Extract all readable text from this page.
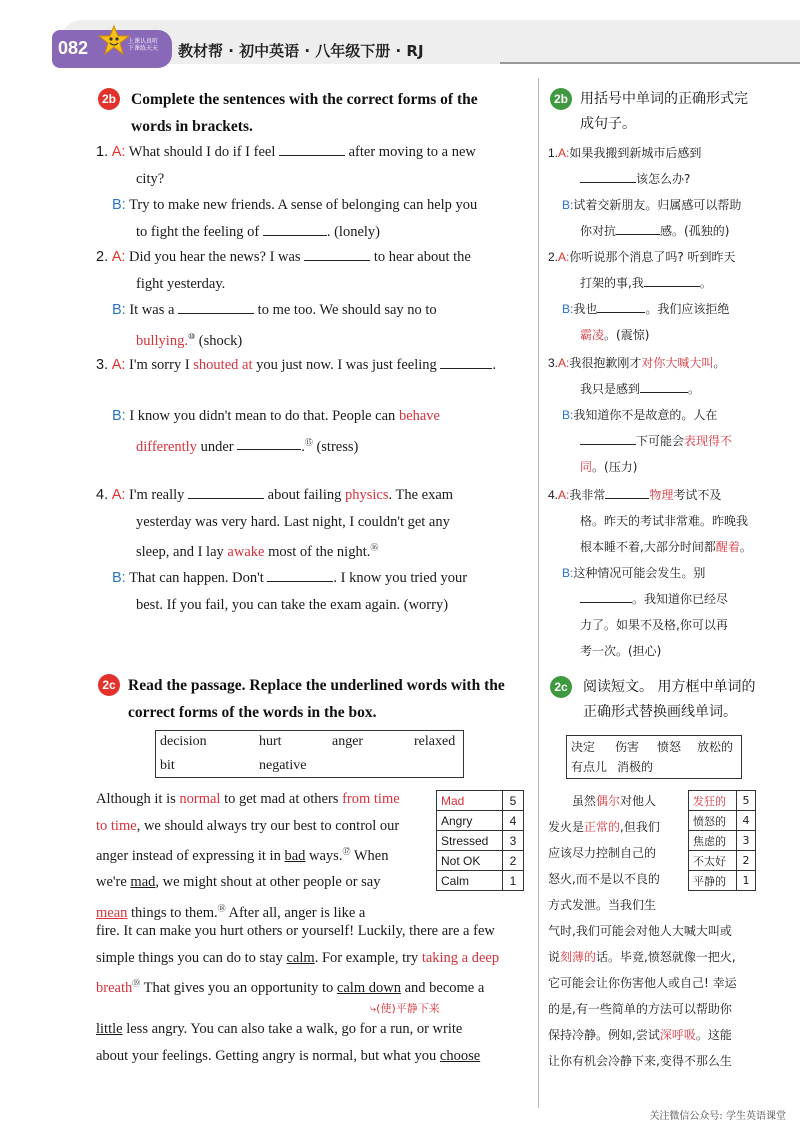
082	上课认真听
下课练天天	教材帮 · 初中英语 · 八年级下册 · RJ
2b Complete the sentences with the correct forms of the
words in brackets.
1. A: What should I do if I feel	after moving to a new
city?
B: Try to make new friends. A sense of belonging can help you
to fight the feeling of	. (lonely)
2. A: Did you hear the news? I was	to hear about the
fight yesterday.
B: It was a	to me too. We should say no to
bullying.⑩ (shock)
3. A: I'm sorry I shouted at you just now. I was just feeling	.
B: I know you didn't mean to do that. People can behave
differently under	.⑮ (stress)
4. A: I'm really	about failing physics. The exam
yesterday was very hard. Last night, I couldn't get any
sleep, and I lay awake most of the night.⑯
B: That can happen. Don't	. I know you tried your
best. If you fail, you can take the exam again. (worry)
2b 用括号中单词的正确形式完
成句子。
1.A:如果我搬到新城市后感到
该怎么办?
B:试着交新朋友。归属感可以帮助
你对抗	感。(孤独的)
2.A:你听说那个消息了吗? 听到昨天
打架的事,我	。
B:我也	。我们应该拒绝
霸凌。(震惊)
3.A:我很抱歉刚才对你大喊大叫。
我只是感到	。
B:我知道你不是故意的。人在
下可能会表现得不
同。(压力)
4.A:我非常	物理考试不及
格。昨天的考试非常难。昨晚我
根本睡不着,大部分时间都醒着。
B:这种情况可能会发生。别
。我知道你已经尽
力了。如果不及格,你可以再
考一次。(担心)
2c Read the passage. Replace the underlined words with the
correct forms of the words in the box.
decision	hurt	anger	relaxed
bit	negative
Mad	5
Angry	4
Stressed	3
Not OK	2
Calm	1
Although it is normal to get mad at others from time
to time, we should always try our best to control our
anger instead of expressing it in bad ways.⑰ When
we're mad, we might shout at other people or say
mean things to them.⑱ After all, anger is like a
fire. It can make you hurt others or yourself! Luckily, there are a few
simple things you can do to stay calm. For example, try taking a deep
breath⑲ That gives you an opportunity to calm down and become a
⤷(使)平静下来
little less angry. You can also take a walk, go for a run, or write
about your feelings. Getting angry is normal, but what you choose
2c	阅读短文。 用方框中单词的
正确形式替换画线单词。
决定 伤害 愤怒 放松的
有点儿 消极的
发狂的	5
愤怒的	4
焦虑的	3
不太好	2
平静的	1
虽然偶尔对他人
发火是正常的,但我们
应该尽力控制自己的
怒火,而不是以不良的
方式发泄。当我们生
气时,我们可能会对他人大喊大叫或
说刻薄的话。毕竟,愤怒就像一把火,
它可能会让你伤害他人或自己! 幸运
的是,有一些简单的方法可以帮助你
保持冷静。例如,尝试深呼吸。这能
让你有机会冷静下来,变得不那么生
关注微信公众号: 学生英语课堂
